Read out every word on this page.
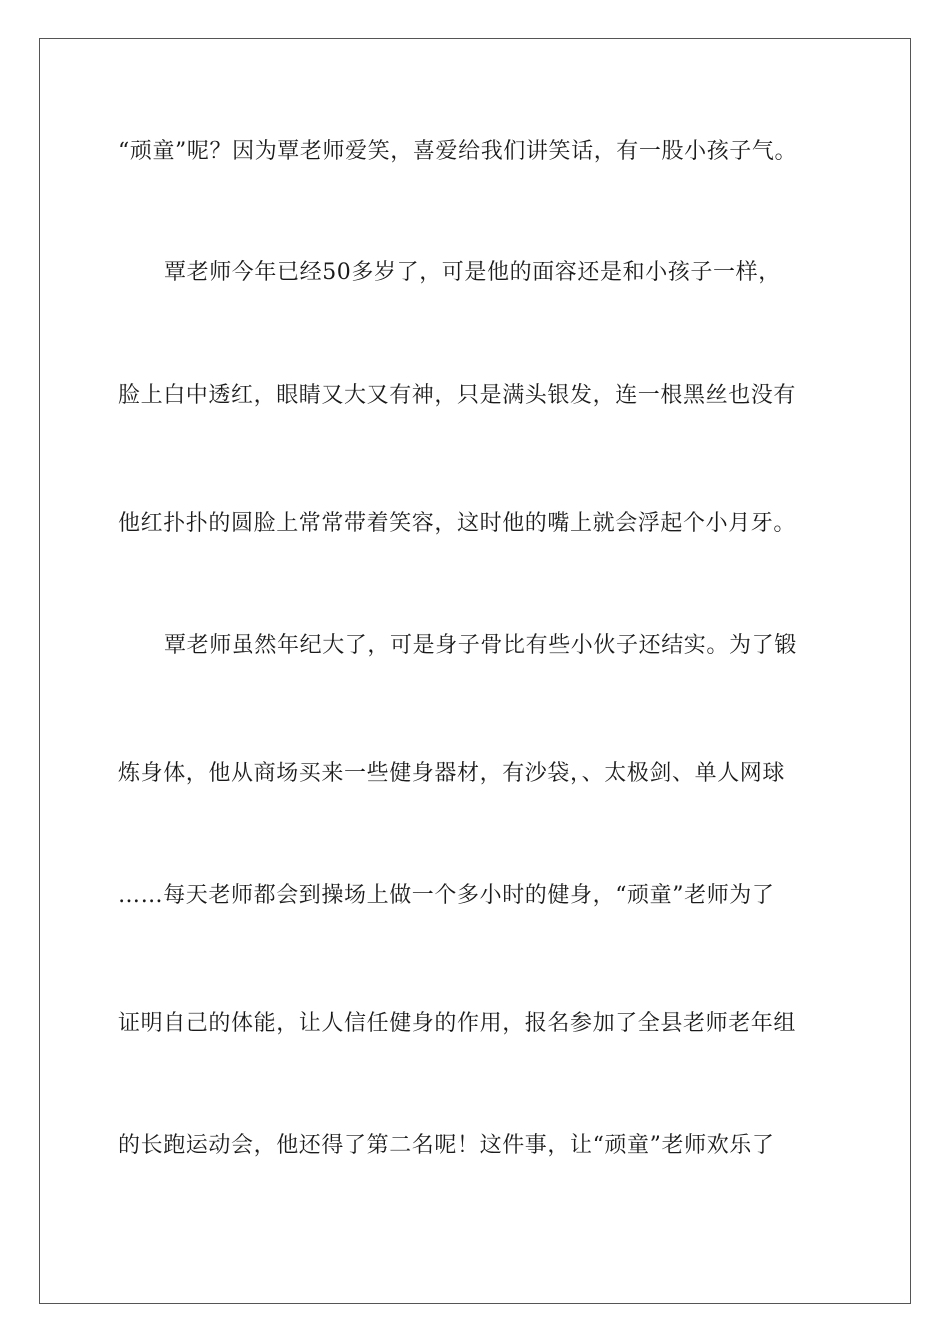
“顽童”呢？因为覃老师爱笑，喜爱给我们讲笑话，有一股小孩子气。
覃老师今年已经50多岁了，可是他的面容还是和小孩子一样，
脸上白中透红，眼睛又大又有神，只是满头银发，连一根黑丝也没有
他红扑扑的圆脸上常常带着笑容，这时他的嘴上就会浮起个小月牙。
覃老师虽然年纪大了，可是身子骨比有些小伙子还结实。为了锻
炼身体，他从商场买来一些健身器材，有沙袋，、太极剑、单人网球
……每天老师都会到操场上做一个多小时的健身，“顽童”老师为了
证明自己的体能，让人信任健身的作用，报名参加了全县老师老年组
的长跑运动会，他还得了第二名呢！这件事，让“顽童”老师欢乐了
